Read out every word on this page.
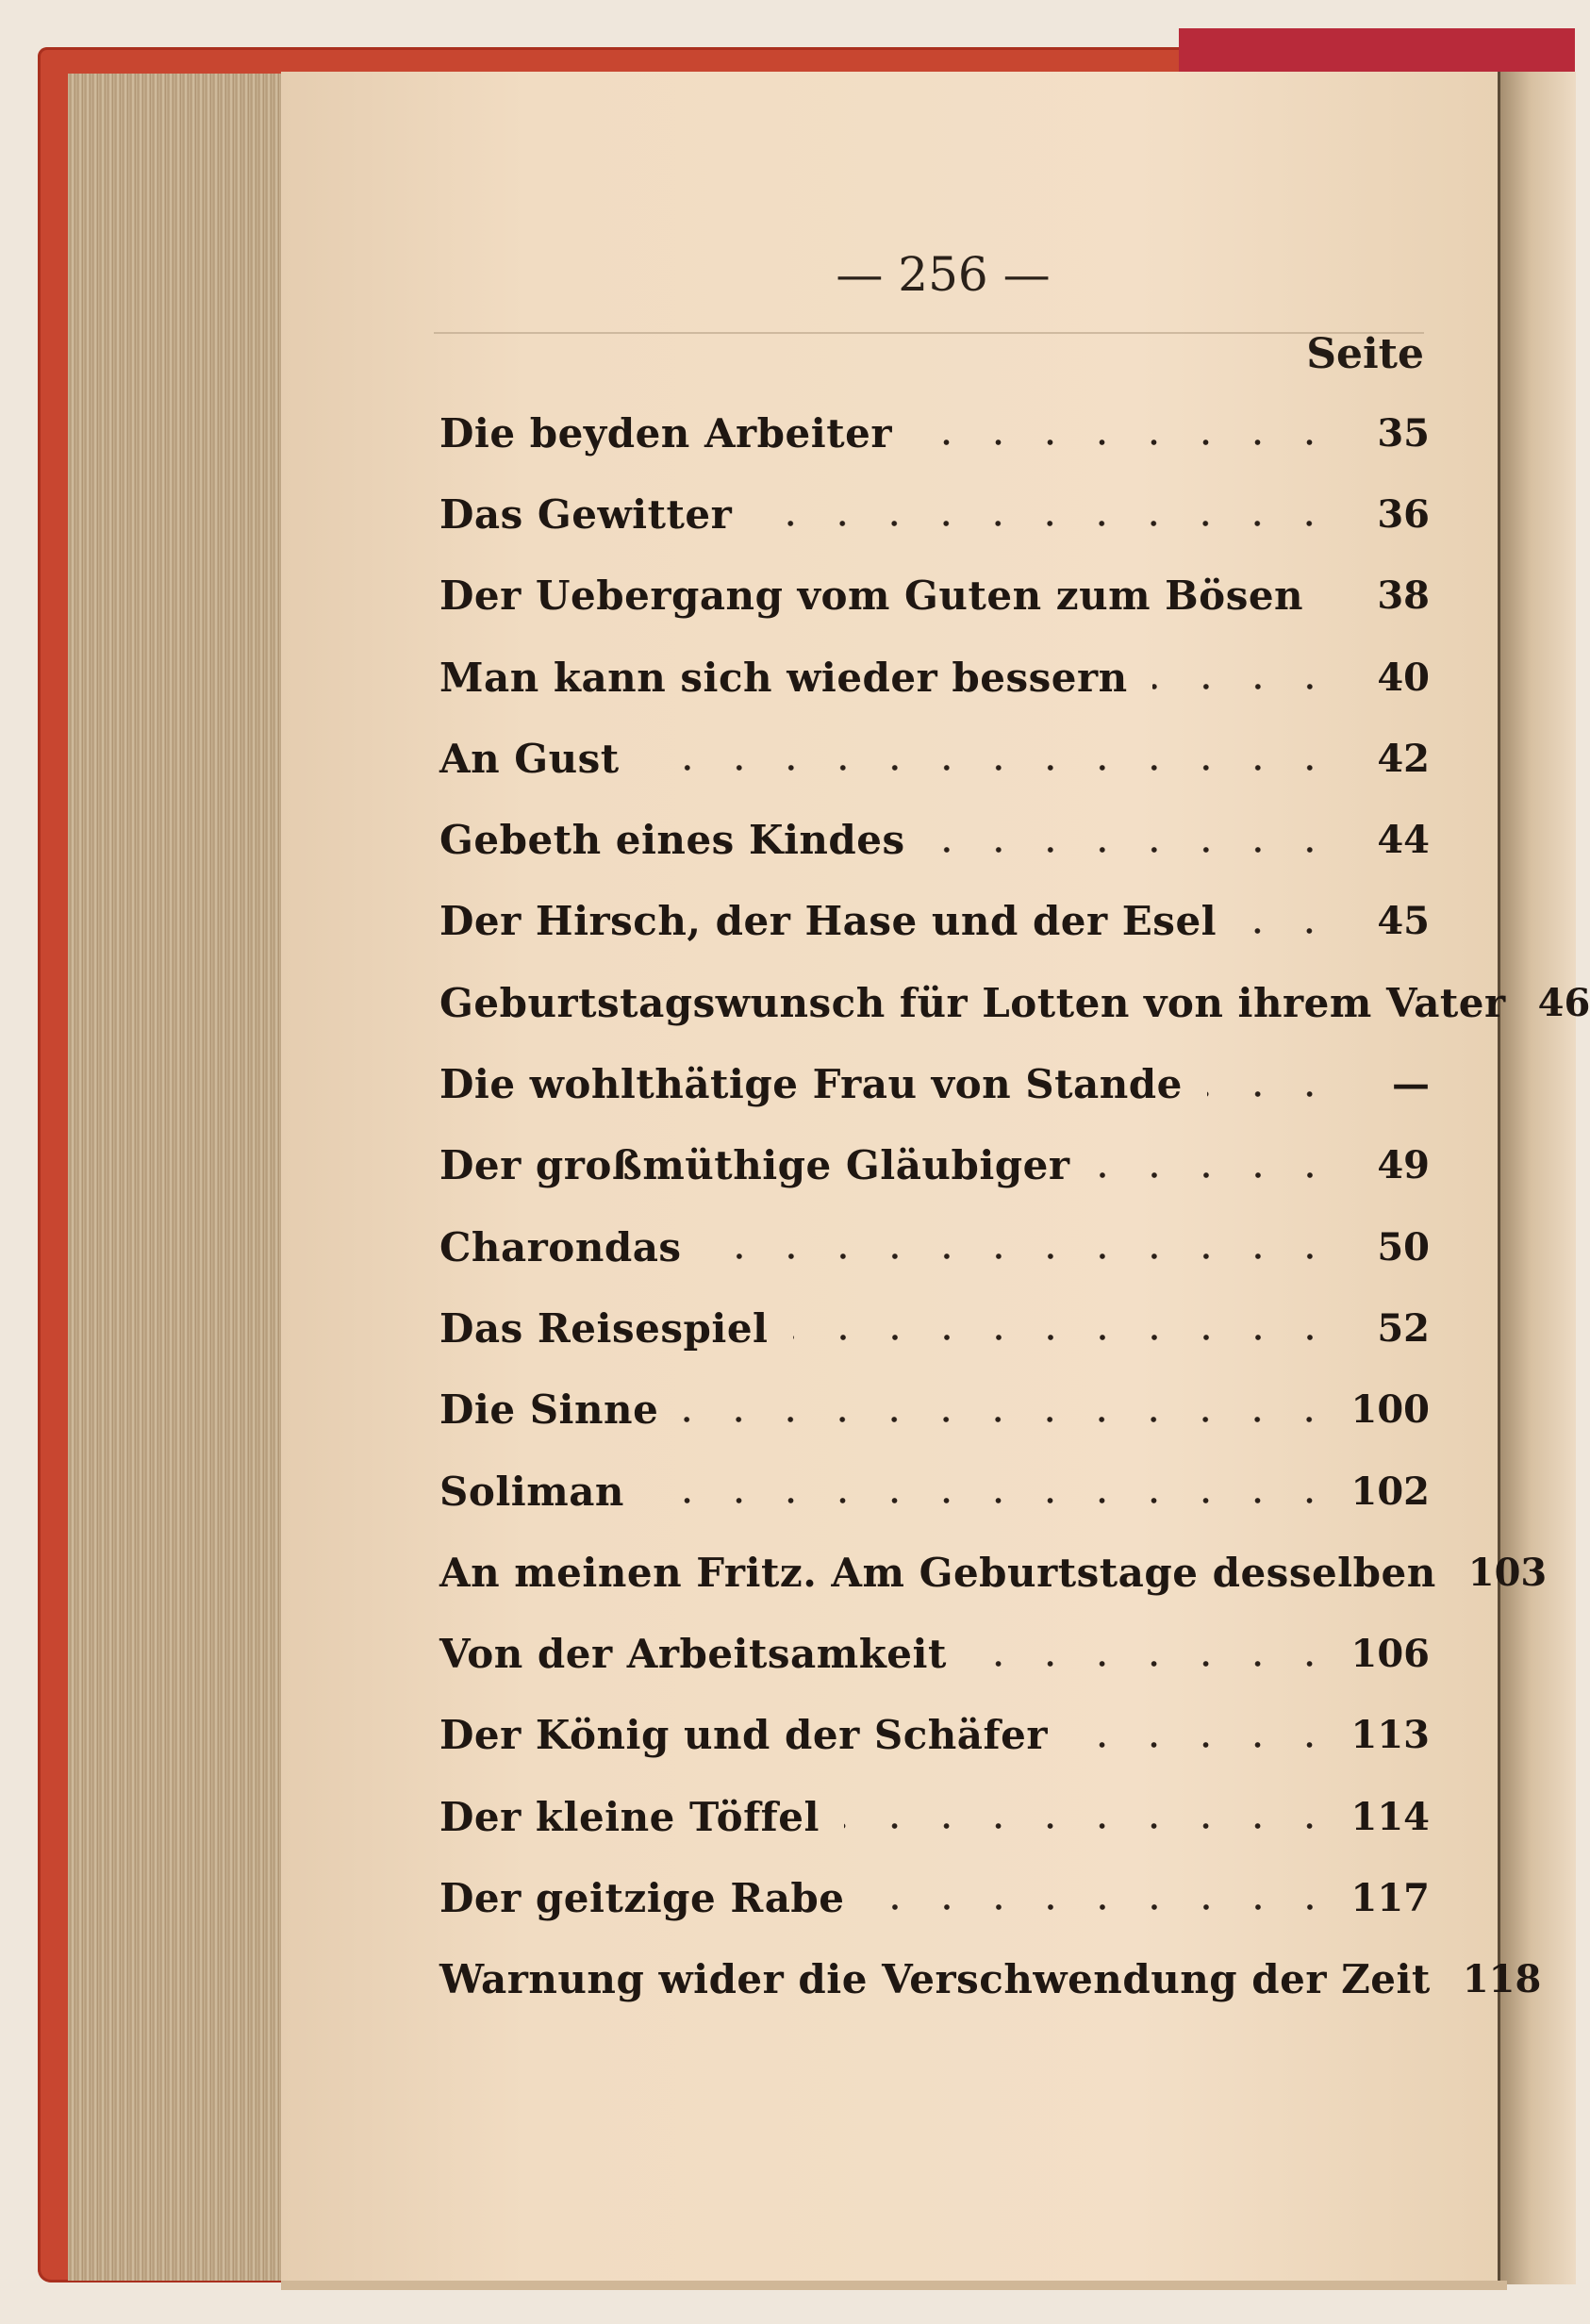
— 256 —
Seite
Die beyden Arbeiter	35
Das Gewitter	36
Der Uebergang vom Guten zum Bösen	38
Man kann sich wieder bessern	40
An Gust	42
Gebeth eines Kindes	44
Der Hirsch, der Hase und der Esel	45
Geburtstagswunsch für Lotten von ihrem Vater 46
Die wohlthätige Frau von Stande	—
Der großmüthige Gläubiger	49
Charondas	50
Das Reisespiel	52
Die Sinne	100
Soliman	102
An meinen Fritz. Am Geburtstage desselben 103
Von der Arbeitsamkeit	106
Der König und der Schäfer	113
Der kleine Töffel	114
Der geitzige Rabe	117
Warnung wider die Verschwendung der Zeit 118
